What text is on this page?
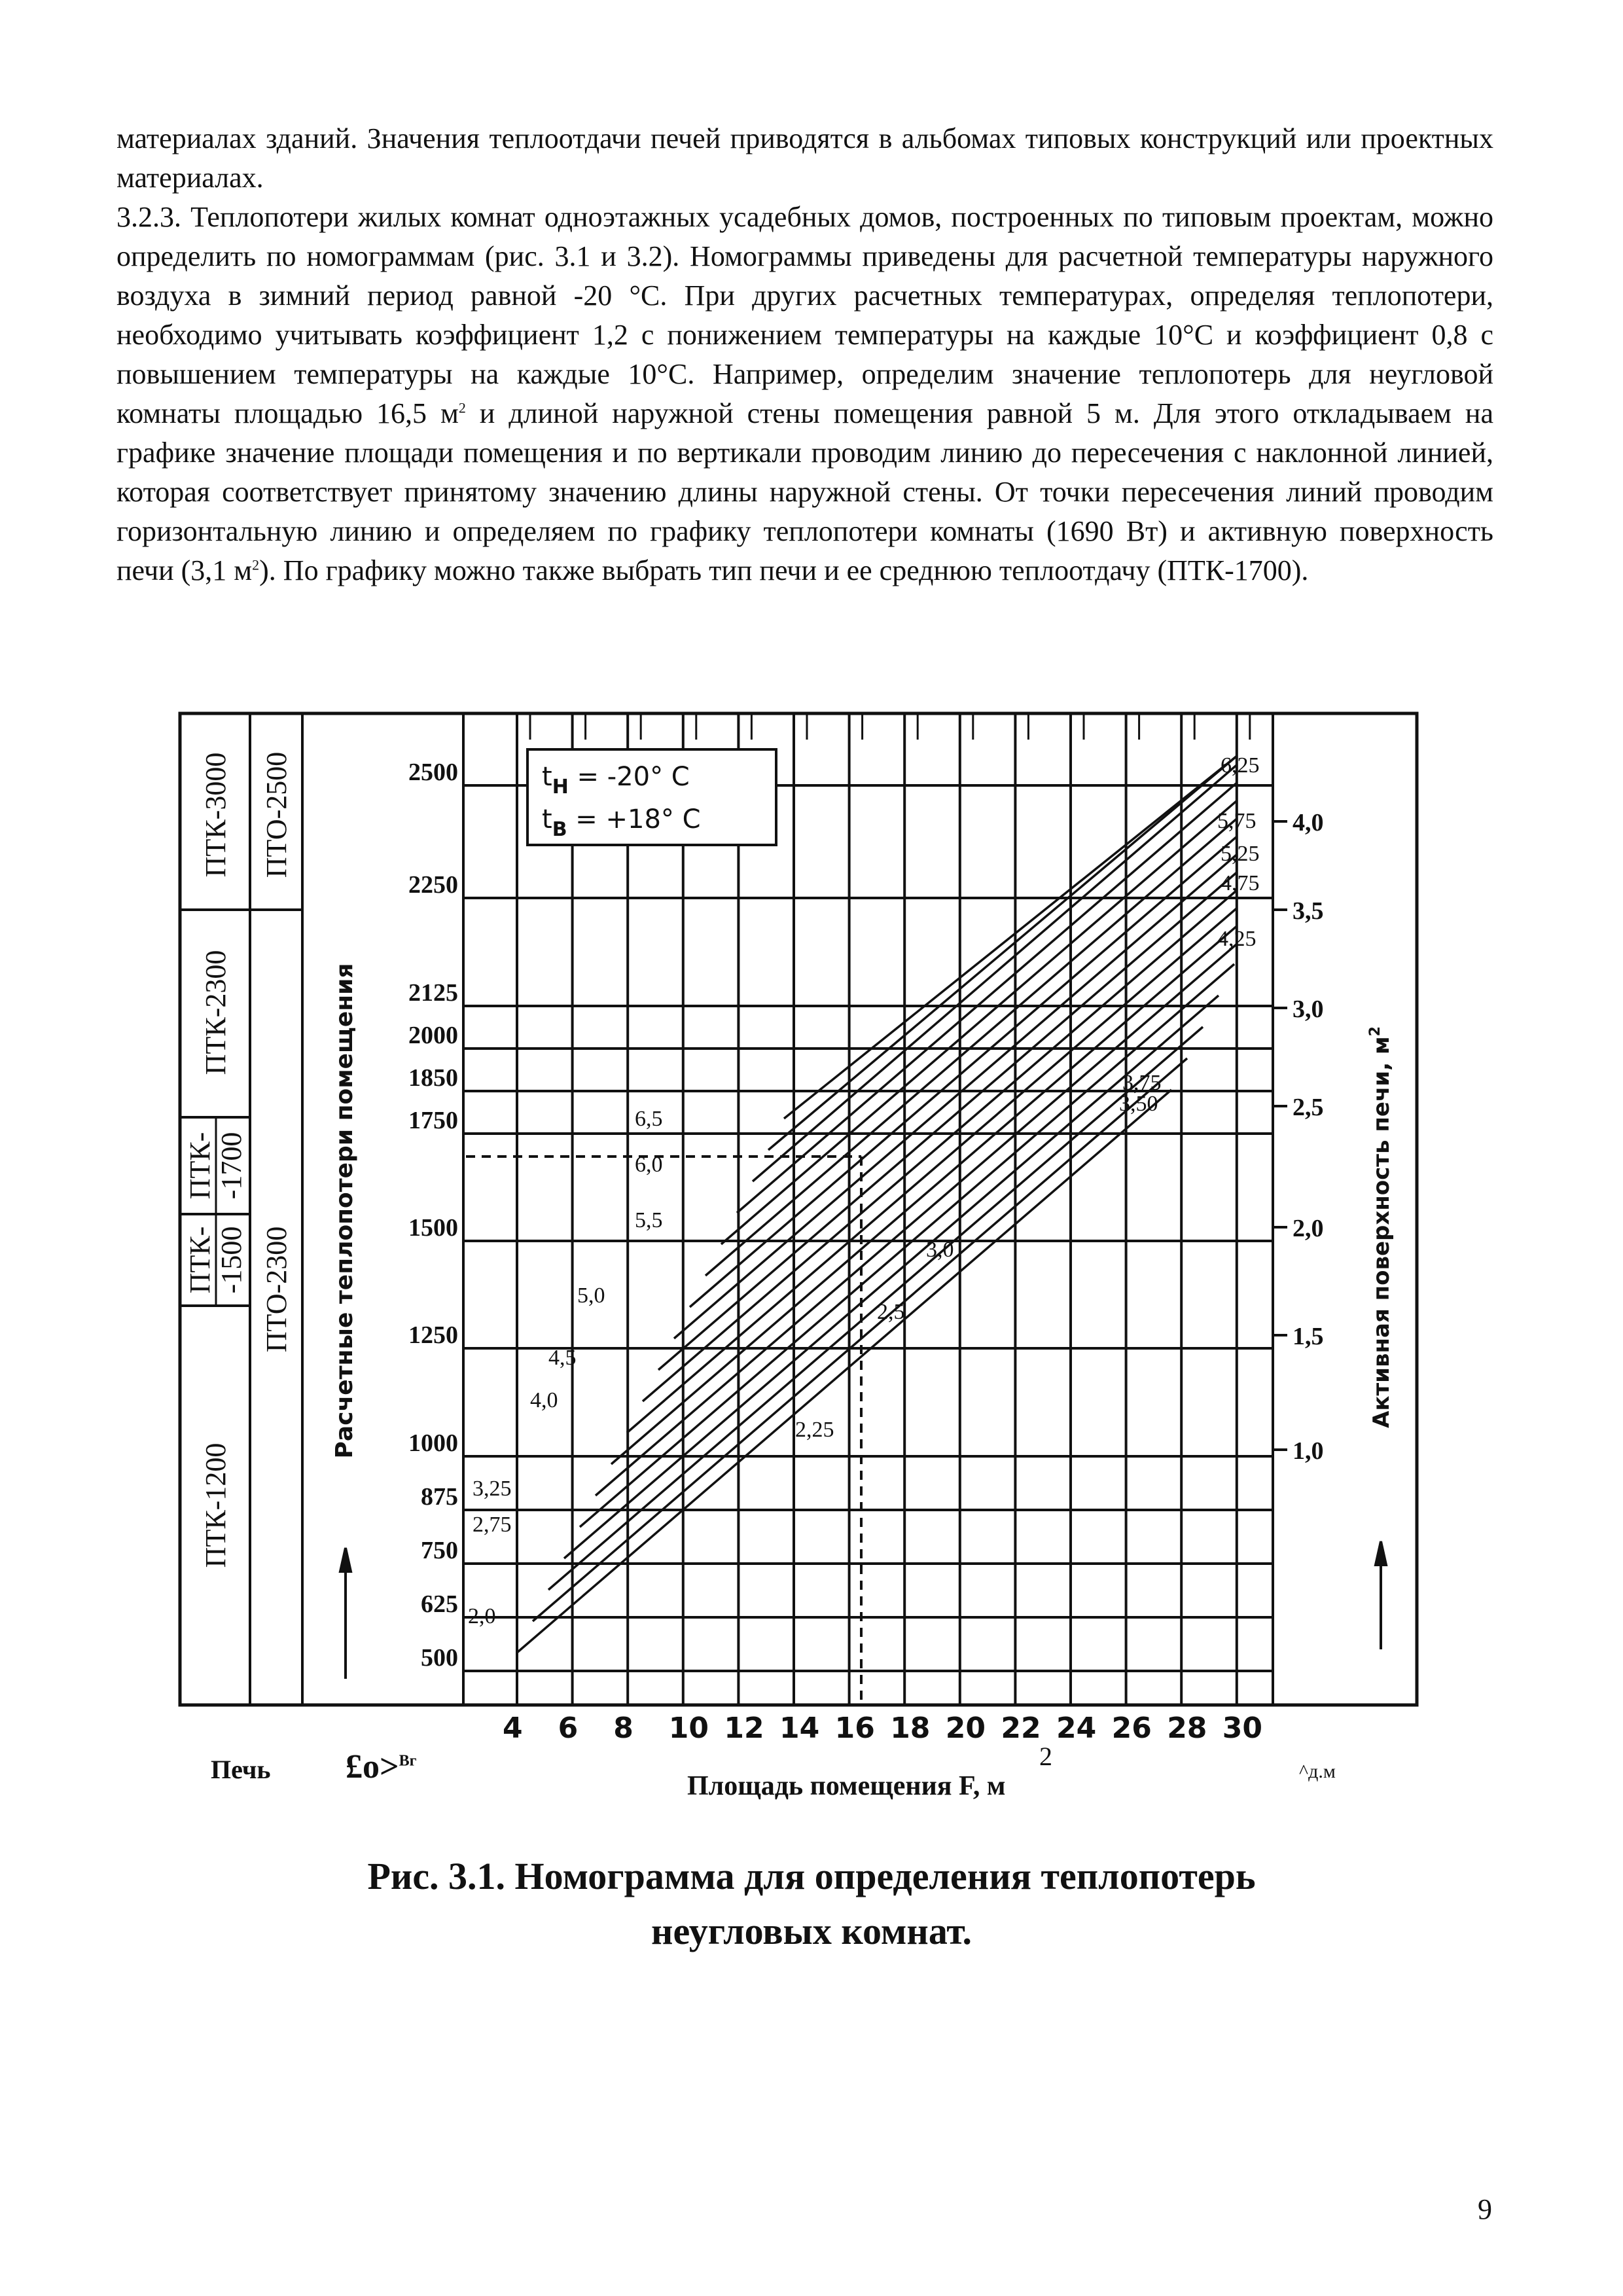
материалах зданий. Значения теплоотдачи печей приводятся в альбомах типовых конструкций или проектных материалах.

3.2.3. Теплопотери жилых комнат одноэтажных усадебных домов, построенных по типовым проектам, можно определить по номограммам (рис. 3.1 и 3.2). Номограммы приведены для расчетной температуры наружного воздуха в зимний период равной -20 °С. При других расчетных температурах, определяя теплопотери, необходимо учитывать коэффициент 1,2 с понижением температуры на каждые 10°С и коэффициент 0,8 с повышением температуры на каждые 10°С. Например, определим значение теплопотерь для неугловой комнаты площадью 16,5 $м^2$ и длиной наружной стены помещения равной 5 м. Для этого откладываем на графике значение площади помещения и по вертикали проводим линию до пересечения с наклонной линией, которая соответствует принятому значению длины наружной стены. От точки пересечения линий проводим горизонтальную линию и определяем по графику теплопотери комнаты (1690 Вт) и активную поверхность печи (3,1 $м^2$). По графику можно также выбрать тип печи и ее среднюю теплоотдачу (ПТК-1700).

ПТК-3000
ПТК-2300
ПТК- -1700
ПТК- -1500
ПТК-1200
ПТО-2500
ПТО-2300 Расчетные теплопотери помещения	Активная поверхность печи, $м^2$
$t_H = -20^\circ$ C
$t_B = +18^\circ$ C
2500
2250
2125
2000
1850
1750
1500
1250
1000
875
750
625
500
4,0
3,5
3,0
2,5
2,0
1,5
1,0
6,5
6,0
5,5
5,0
4,5
4,0
3,25
2,75
2,0
6,25
5,75
5,25
4,75
4,25
3,75
3,50
3,0
2,5
2,25
4 6 8 10 12 14 16 18 20 22 24 26 28 30
Печь £о>$^{Вг}$	2
Площадь помещения F, м	^д.м
Рис. 3.1. Номограмма для определения теплопотерь
неугловых комнат.
9
